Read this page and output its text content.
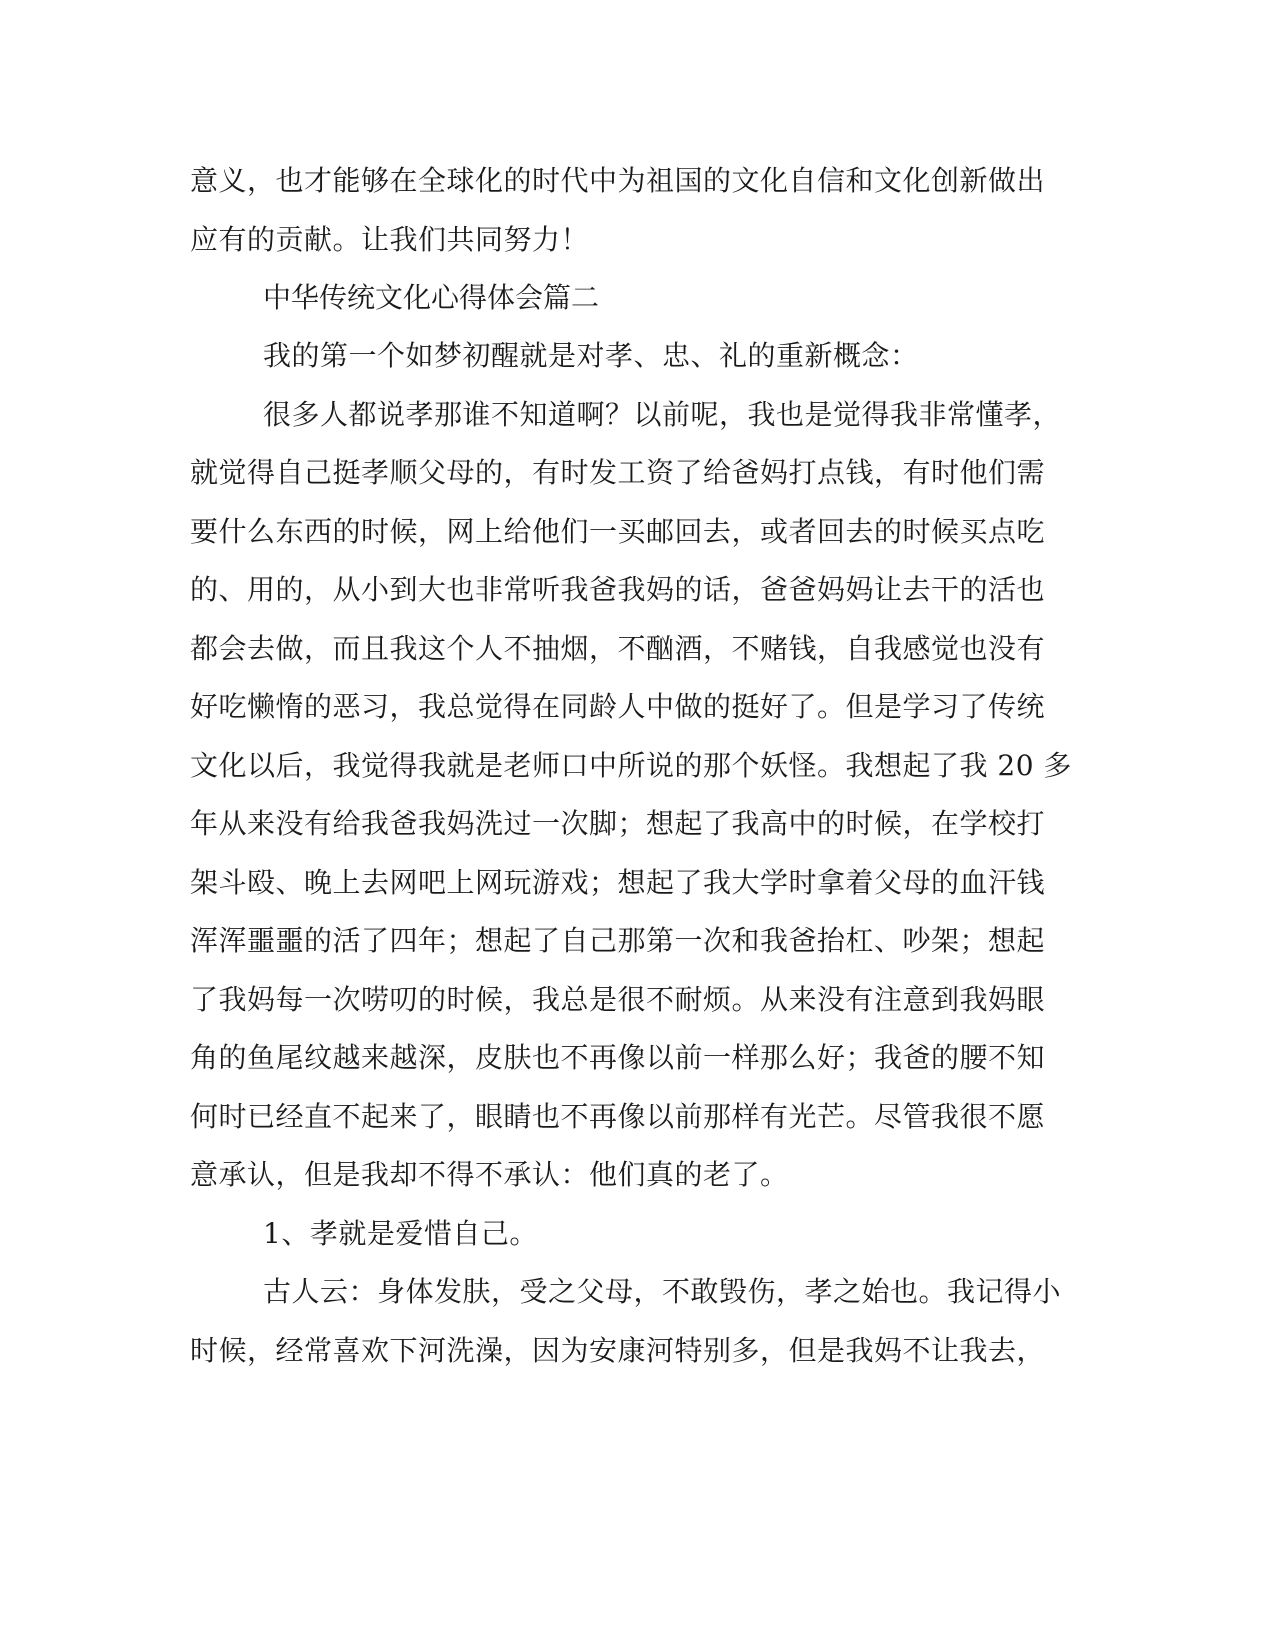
意义，也才能够在全球化的时代中为祖国的文化自信和文化创新做出
应有的贡献。让我们共同努力！
中华传统文化心得体会篇二
我的第一个如梦初醒就是对孝、忠、礼的重新概念：
很多人都说孝那谁不知道啊？以前呢，我也是觉得我非常懂孝，
就觉得自己挺孝顺父母的，有时发工资了给爸妈打点钱，有时他们需
要什么东西的时候，网上给他们一买邮回去，或者回去的时候买点吃
的、用的，从小到大也非常听我爸我妈的话，爸爸妈妈让去干的活也
都会去做，而且我这个人不抽烟，不酗酒，不赌钱，自我感觉也没有
好吃懒惰的恶习，我总觉得在同龄人中做的挺好了。但是学习了传统
文化以后，我觉得我就是老师口中所说的那个妖怪。我想起了我 20 多
年从来没有给我爸我妈洗过一次脚；想起了我高中的时候，在学校打
架斗殴、晚上去网吧上网玩游戏；想起了我大学时拿着父母的血汗钱
浑浑噩噩的活了四年；想起了自己那第一次和我爸抬杠、吵架；想起
了我妈每一次唠叨的时候，我总是很不耐烦。从来没有注意到我妈眼
角的鱼尾纹越来越深，皮肤也不再像以前一样那么好；我爸的腰不知
何时已经直不起来了，眼睛也不再像以前那样有光芒。尽管我很不愿
意承认，但是我却不得不承认：他们真的老了。
1、孝就是爱惜自己。
古人云：身体发肤，受之父母，不敢毁伤，孝之始也。我记得小
时候，经常喜欢下河洗澡，因为安康河特别多，但是我妈不让我去，
